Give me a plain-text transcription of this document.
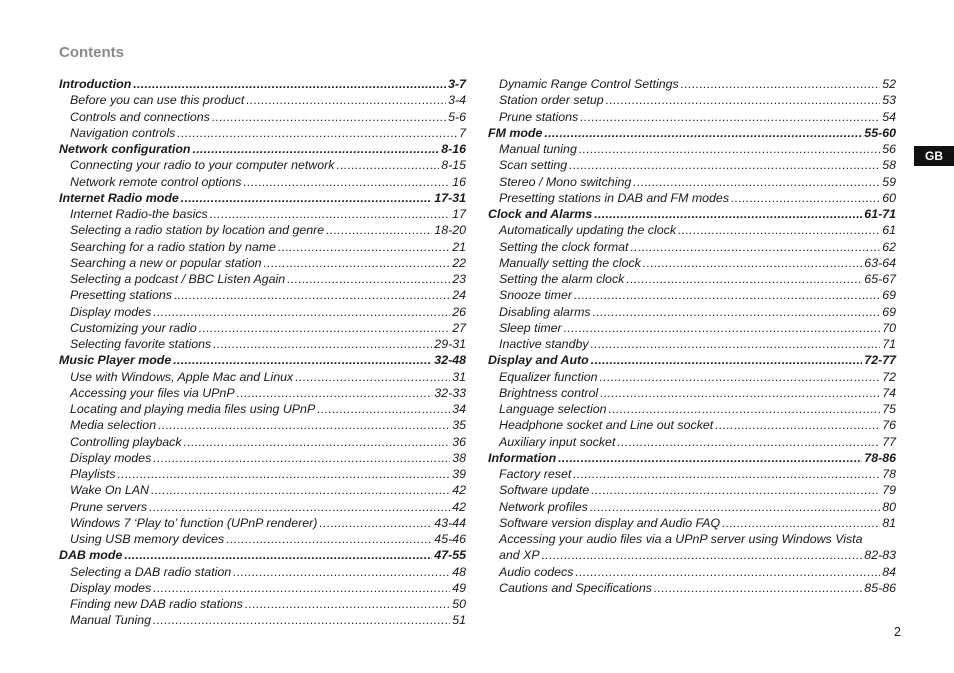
Contents
Introduction .....	3-7
Before you can use this product .....	3-4
Controls and connections .....	5-6
Navigation controls .....	7
Network configuration .....	8-16
Connecting your radio to your computer network .....	8-15
Network remote control options .....	16
Internet Radio mode .....	17-31
Internet Radio-the basics .....	17
Selecting a radio station by location and genre .....	18-20
Searching for a radio station by name .....	21
Searching a new or popular station .....	22
Selecting a podcast / BBC Listen Again .....	23
Presetting stations .....	24
Display modes .....	26
Customizing your radio .....	27
Selecting favorite stations .....	29-31
Music Player mode .....	32-48
Use with Windows, Apple Mac and Linux .....	31
Accessing your files via UPnP .....	32-33
Locating and playing media files using UPnP .....	34
Media selection .....	35
Controlling playback .....	36
Display modes .....	38
Playlists .....	39
Wake On LAN .....	42
Prune servers .....	42
Windows 7 ‘Play to’ function (UPnP renderer) .....	43-44
Using USB memory devices .....	45-46
DAB mode .....	47-55
Selecting a DAB radio station .....	48
Display modes .....	49
Finding new DAB radio stations .....	50
Manual Tuning .....	51
Dynamic Range Control Settings .....	52
Station order setup .....	53
Prune stations .....	54
FM mode .....	55-60
Manual tuning .....	56
Scan setting .....	58
Stereo / Mono switching .....	59
Presetting stations in DAB and FM modes .....	60
Clock and Alarms .....	61-71
Automatically updating the clock .....	61
Setting the clock format .....	62
Manually setting the clock .....	63-64
Setting the alarm clock .....	65-67
Snooze timer .....	69
Disabling alarms .....	69
Sleep timer .....	70
Inactive standby .....	71
Display and Auto .....	72-77
Equalizer function .....	72
Brightness control .....	74
Language selection .....	75
Headphone socket and Line out socket .....	76
Auxiliary input socket .....	77
Information .....	78-86
Factory reset .....	78
Software update .....	79
Network profiles .....	80
Software version display and Audio FAQ .....	81
Accessing your audio files via a UPnP server using Windows Vista
and XP .....	82-83
Audio codecs .....	84
Cautions and Specifications .....	85-86
GB
2
